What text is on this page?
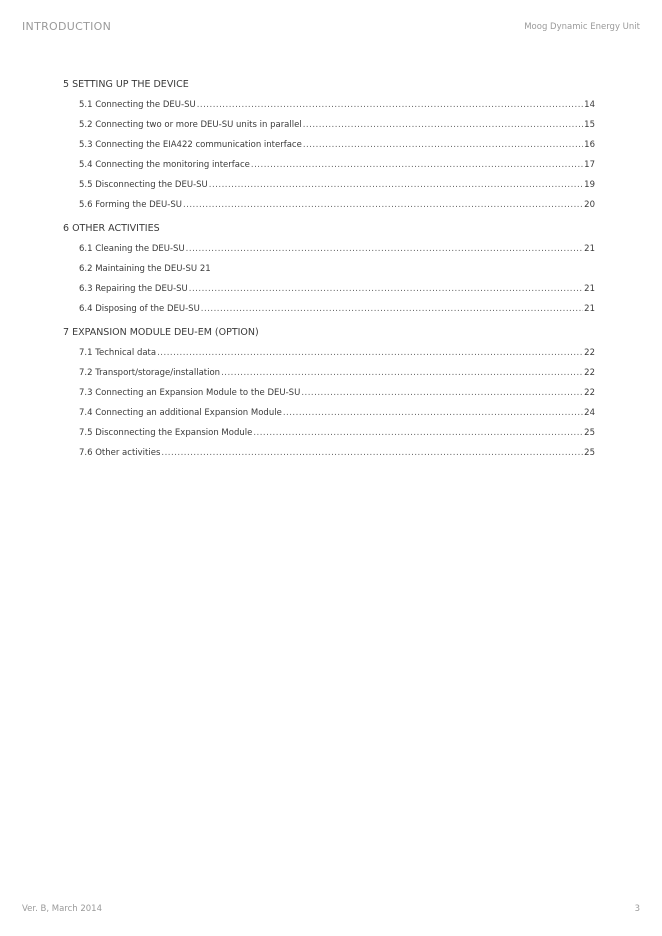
INTRODUCTION	Moog Dynamic Energy Unit
5 SETTING UP THE DEVICE
5.1 Connecting the DEU-SU .....	14
5.2 Connecting two or more DEU-SU units in parallel .....	15
5.3 Connecting the EIA422 communication interface .....	16
5.4 Connecting the monitoring interface .....	17
5.5 Disconnecting the DEU-SU .....	19
5.6 Forming the DEU-SU .....	20
6 OTHER ACTIVITIES
6.1 Cleaning the DEU-SU .....	21
6.2 Maintaining the DEU-SU 21
6.3 Repairing the DEU-SU .....	21
6.4 Disposing of the DEU-SU .....	21
7 EXPANSION MODULE DEU-EM (OPTION)
7.1 Technical data .....	22
7.2 Transport/storage/installation .....	22
7.3 Connecting an Expansion Module to the DEU-SU .....	22
7.4 Connecting an additional Expansion Module .....	24
7.5 Disconnecting the Expansion Module .....	25
7.6 Other activities .....	25
Ver. B, March 2014	3
